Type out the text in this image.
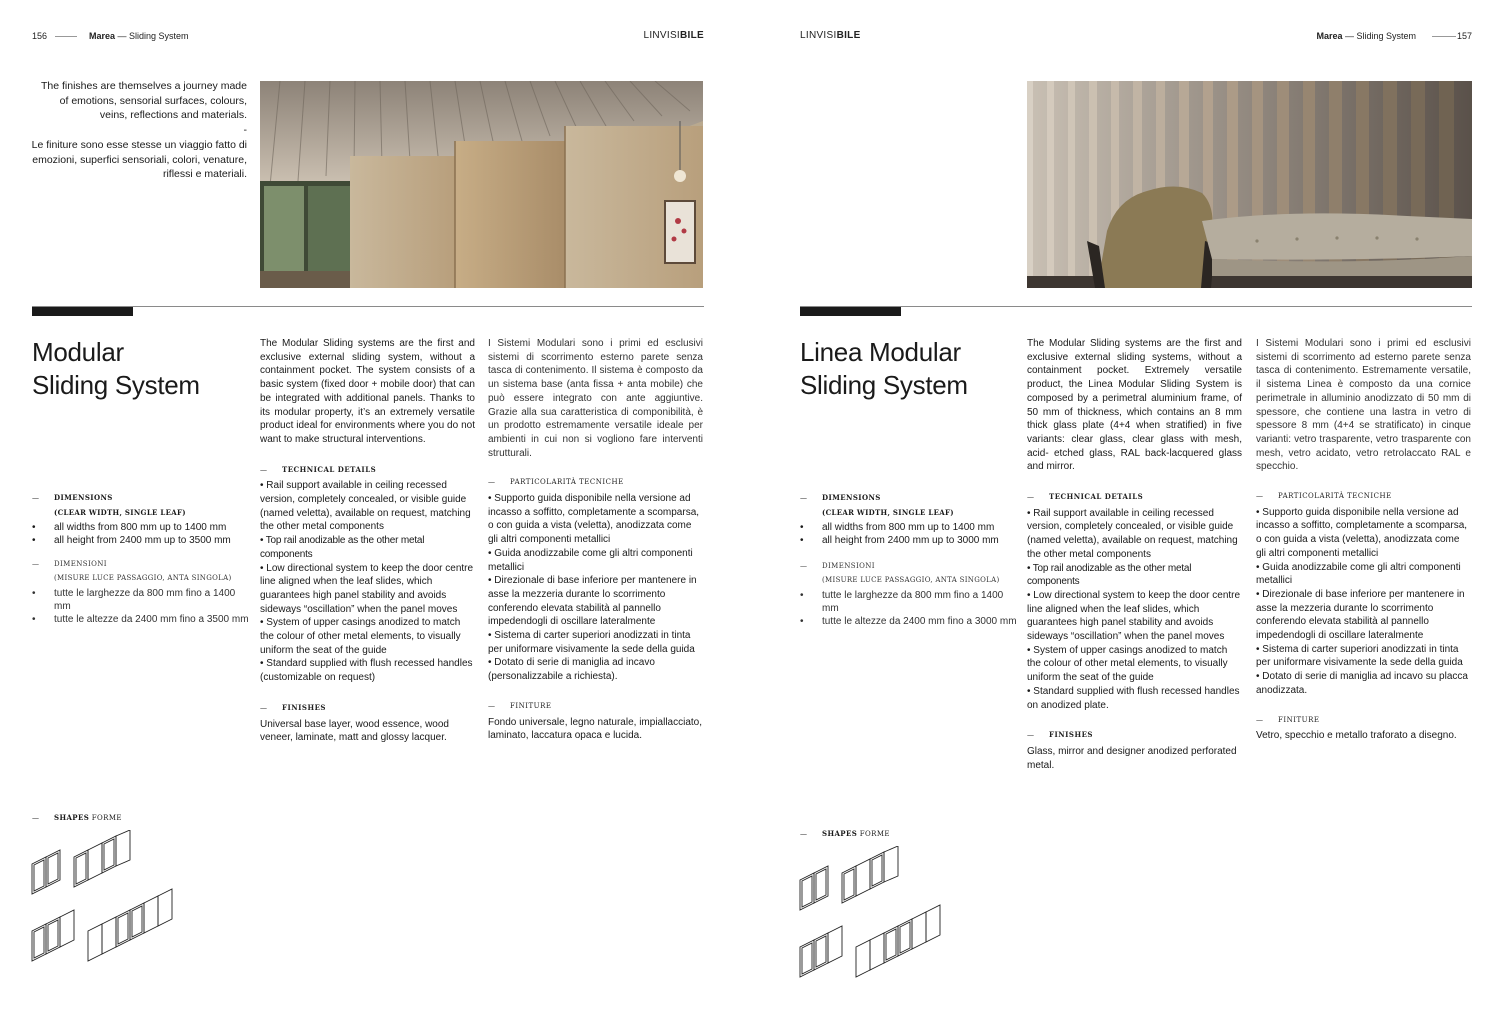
156	Marea — Sliding System	LINVISIBILE

The finishes are themselves a journey made of emotions, sensorial surfaces, colours, veins, reflections and materials.

-

Le finiture sono esse stesse un viaggio fatto di emozioni, superfici sensoriali, colori, venature, riflessi e materiali.

Modular
Sliding System

The Modular Sliding systems are the first and exclusive external sliding system, without a containment pocket. The system consists of a basic system (fixed door + mobile door) that can be integrated with additional panels. Thanks to its modular property, it’s an extremely versatile product ideal for environments where you do not want to make structural interventions.

— TECHNICAL DETAILS

• Rail support available in ceiling recessed version, completely concealed, or visible guide (named veletta), available on request, matching the other metal components

• Top rail anodizable as the other metal components

• Low directional system to keep the door centre line aligned when the leaf slides, which guarantees high panel stability and avoids sideways “oscillation” when the panel moves

• System of upper casings anodized to match the colour of other metal elements, to visually uniform the seat of the guide

• Standard supplied with flush recessed handles (customizable on request)

— FINISHES

Universal base layer, wood essence, wood veneer, laminate, matt and glossy lacquer.

I Sistemi Modulari sono i primi ed esclusivi sistemi di scorrimento esterno parete senza tasca di contenimento. Il sistema è composto da un sistema base (anta fissa + anta mobile) che può essere integrato con ante aggiuntive. Grazie alla sua caratteristica di componibilità, è un prodotto estremamente versatile ideale per ambienti in cui non si vogliono fare interventi strutturali.

— PARTICOLARITÀ TECNICHE

• Supporto guida disponibile nella versione ad incasso a soffitto, completamente a scomparsa, o con guida a vista (veletta), anodizzata come gli altri componenti metallici

• Guida anodizzabile come gli altri componenti metallici

• Direzionale di base inferiore per mantenere in asse la mezzeria durante lo scorrimento conferendo elevata stabilità al pannello impedendogli di oscillare lateralmente

• Sistema di carter superiori anodizzati in tinta per uniformare visivamente la sede della guida

• Dotato di serie di maniglia ad incavo (personalizzabile a richiesta).

— FINITURE

Fondo universale, legno naturale, impiallacciato, laminato, laccatura opaca e lucida.

— DIMENSIONS
(CLEAR WIDTH, SINGLE LEAF)
• all widths from 800 mm up to 1400 mm
• all height from 2400 mm up to 3500 mm
— DIMENSIONI
(MISURE LUCE PASSAGGIO, ANTA SINGOLA)
• tutte le larghezze da 800 mm fino a 1400 mm
• tutte le altezze da 2400 mm fino a 3500 mm
— SHAPES FORME
LINVISIBILE	Marea — Sliding System	157
Linea Modular
Sliding System

The Modular Sliding systems are the first and exclusive external sliding systems, without a containment pocket. Extremely versatile product, the Linea Modular Sliding System is composed by a perimetral aluminium frame, of 50 mm of thickness, which contains an 8 mm thick glass plate (4+4 when stratified) in five variants: clear glass, clear glass with mesh, acid- etched glass, RAL back-lacquered glass and mirror.

— TECHNICAL DETAILS

• Rail support available in ceiling recessed version, completely concealed, or visible guide (named veletta), available on request, matching the other metal components

• Top rail anodizable as the other metal components

• Low directional system to keep the door centre line aligned when the leaf slides, which guarantees high panel stability and avoids sideways “oscillation” when the panel moves

• System of upper casings anodized to match the colour of other metal elements, to visually uniform the seat of the guide

• Standard supplied with flush recessed handles on anodized plate.

— FINISHES

Glass, mirror and designer anodized perforated metal.

I Sistemi Modulari sono i primi ed esclusivi sistemi di scorrimento ad esterno parete senza tasca di contenimento. Estremamente versatile, il sistema Linea è composto da una cornice perimetrale in alluminio anodizzato di 50 mm di spessore, che contiene una lastra in vetro di spessore 8 mm (4+4 se stratificato) in cinque varianti: vetro trasparente, vetro trasparente con mesh, vetro acidato, vetro retrolaccato RAL e specchio.

— PARTICOLARITÀ TECNICHE

• Supporto guida disponibile nella versione ad incasso a soffitto, completamente a scomparsa, o con guida a vista (veletta), anodizzata come gli altri componenti metallici

• Guida anodizzabile come gli altri componenti metallici

• Direzionale di base inferiore per mantenere in asse la mezzeria durante lo scorrimento conferendo elevata stabilità al pannello impedendogli di oscillare lateralmente

• Sistema di carter superiori anodizzati in tinta per uniformare visivamente la sede della guida

• Dotato di serie di maniglia ad incavo su placca anodizzata.

— FINITURE

Vetro, specchio e metallo traforato a disegno.

— DIMENSIONS
(CLEAR WIDTH, SINGLE LEAF)
• all widths from 800 mm up to 1400 mm
• all height from 2400 mm up to 3000 mm
— DIMENSIONI
(MISURE LUCE PASSAGGIO, ANTA SINGOLA)
• tutte le larghezze da 800 mm fino a 1400 mm
• tutte le altezze da 2400 mm fino a 3000 mm
— SHAPES FORME
